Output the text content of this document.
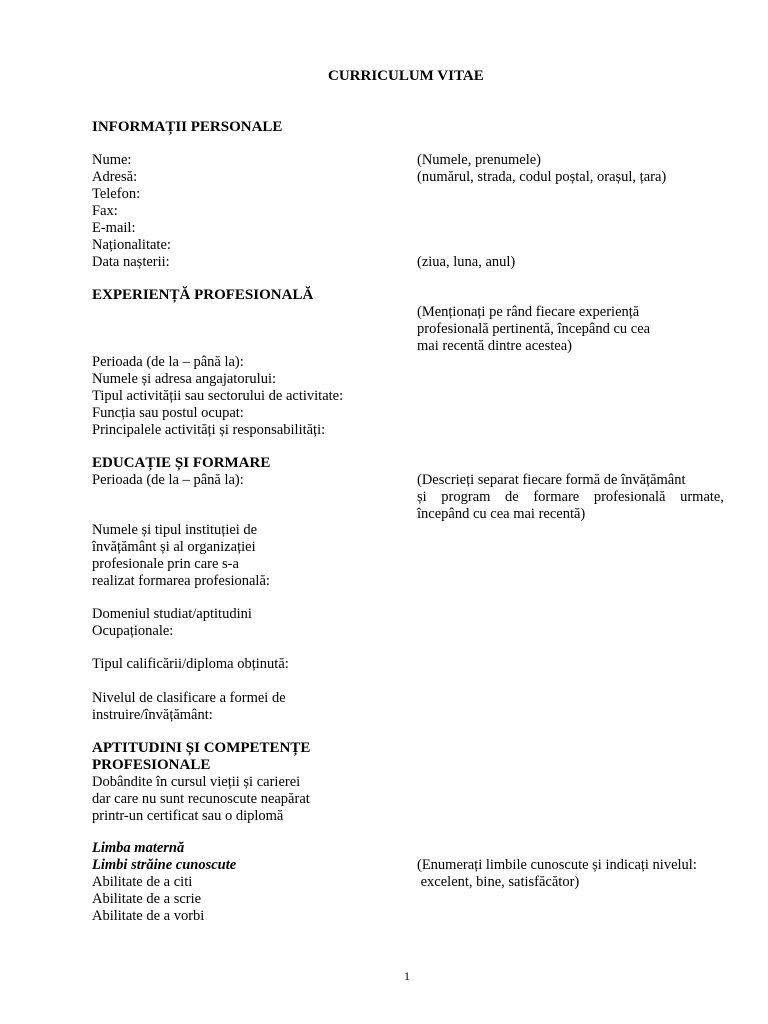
CURRICULUM VITAE
INFORMAȚII PERSONALE
Nume:
Adresă:
Telefon:
Fax:
E-mail:
Naționalitate:
Data nașterii:
(Numele, prenumele)
(numărul, strada, codul poștal, orașul, țara)
(ziua, luna, anul)
EXPERIENȚĂ PROFESIONALĂ
(Menționați pe rând fiecare experiență
profesională pertinentă, începând cu cea
mai recentă dintre acestea)
Perioada (de la – până la):
Numele și adresa angajatorului:
Tipul activității sau sectorului de activitate:
Funcția sau postul ocupat:
Principalele activități și responsabilități:
EDUCAȚIE ȘI FORMARE
Perioada (de la – până la):	(Descrieți separat fiecare formă de învățământ
și program de formare profesională urmate,
începând cu cea mai recentă)
Numele și tipul instituției de
învățământ și al organizației
profesionale prin care s-a
realizat formarea profesională:
Domeniul studiat/aptitudini
Ocupaționale:
Tipul calificării/diploma obținută:
Nivelul de clasificare a formei de
instruire/învățământ:
APTITUDINI ȘI COMPETENȚE
PROFESIONALE
Dobândite în cursul vieții și carierei
dar care nu sunt recunoscute neapărat
printr-un certificat sau o diplomă
Limba maternă
Limbi străine cunoscute
Abilitate de a citi
Abilitate de a scrie
Abilitate de a vorbi
(Enumerați limbile cunoscute și indicați nivelul:
excelent, bine, satisfăcător)
1
